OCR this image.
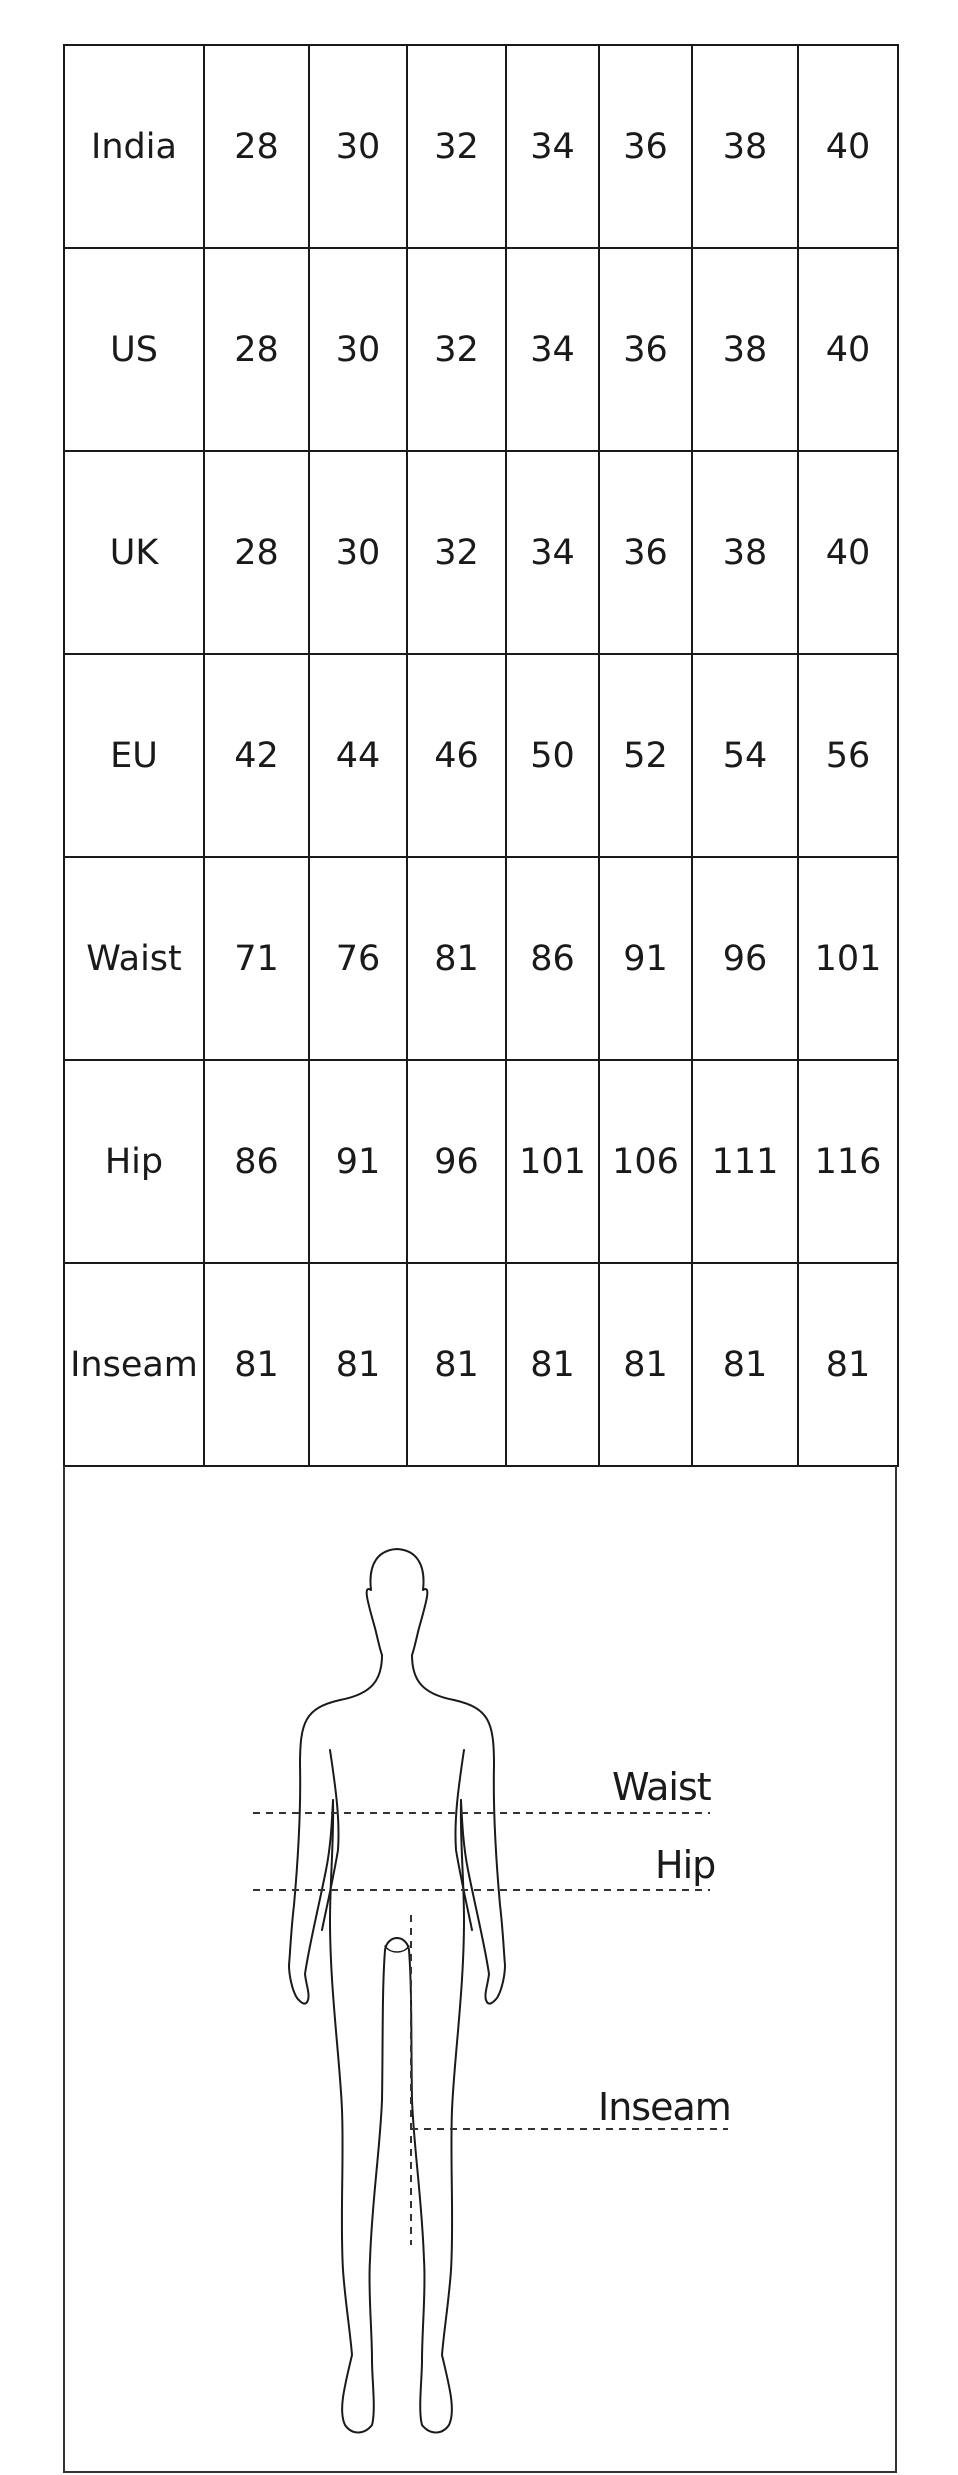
India	28	30	32	34	36	38	40
US	28	30	32	34	36	38	40
UK	28	30	32	34	36	38	40
EU	42	44	46	50	52	54	56
Waist	71	76	81	86	91	96	101
Hip	86	91	96	101	106	111	116
Inseam	81	81	81	81	81	81	81
Waist
Hip
Inseam
